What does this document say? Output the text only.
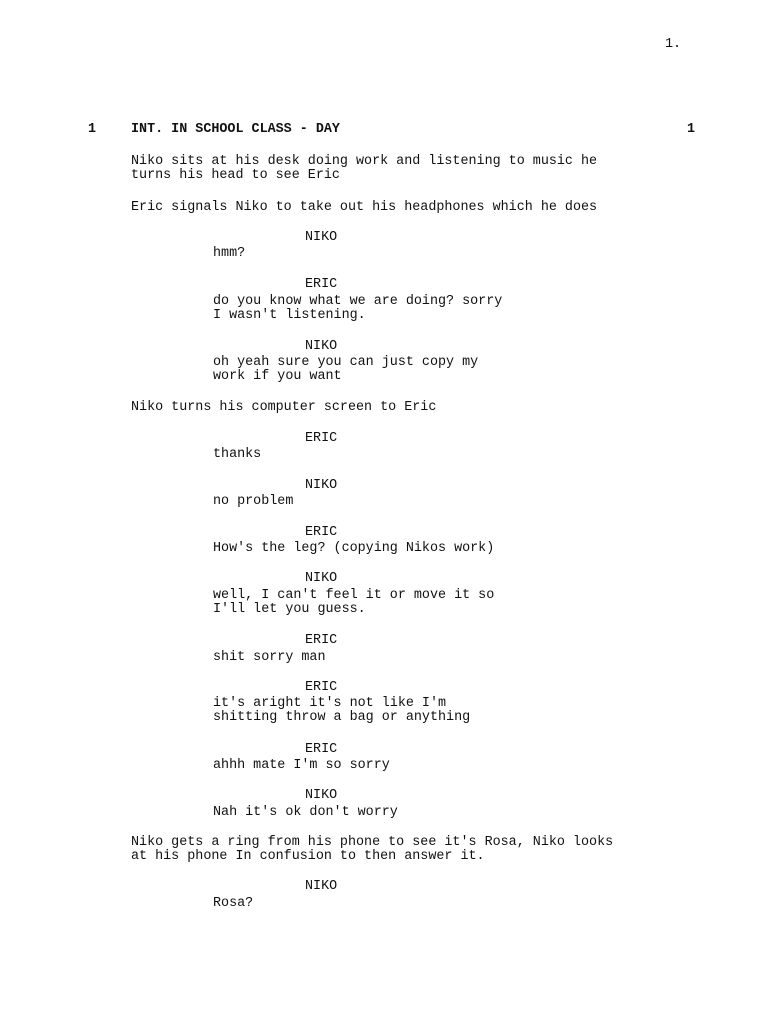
1.
1	INT. IN SCHOOL CLASS - DAY	1
Niko sits at his desk doing work and listening to music he
turns his head to see Eric
Eric signals Niko to take out his headphones which he does
NIKO
hmm?
ERIC
do you know what we are doing? sorry
I wasn't listening.
NIKO
oh yeah sure you can just copy my
work if you want
Niko turns his computer screen to Eric
ERIC
thanks
NIKO
no problem
ERIC
How's the leg? (copying Nikos work)
NIKO
well, I can't feel it or move it so
I'll let you guess.
ERIC
shit sorry man
ERIC
it's aright it's not like I'm
shitting throw a bag or anything
ERIC
ahhh mate I'm so sorry
NIKO
Nah it's ok don't worry
Niko gets a ring from his phone to see it's Rosa, Niko looks
at his phone In confusion to then answer it.
NIKO
Rosa?
